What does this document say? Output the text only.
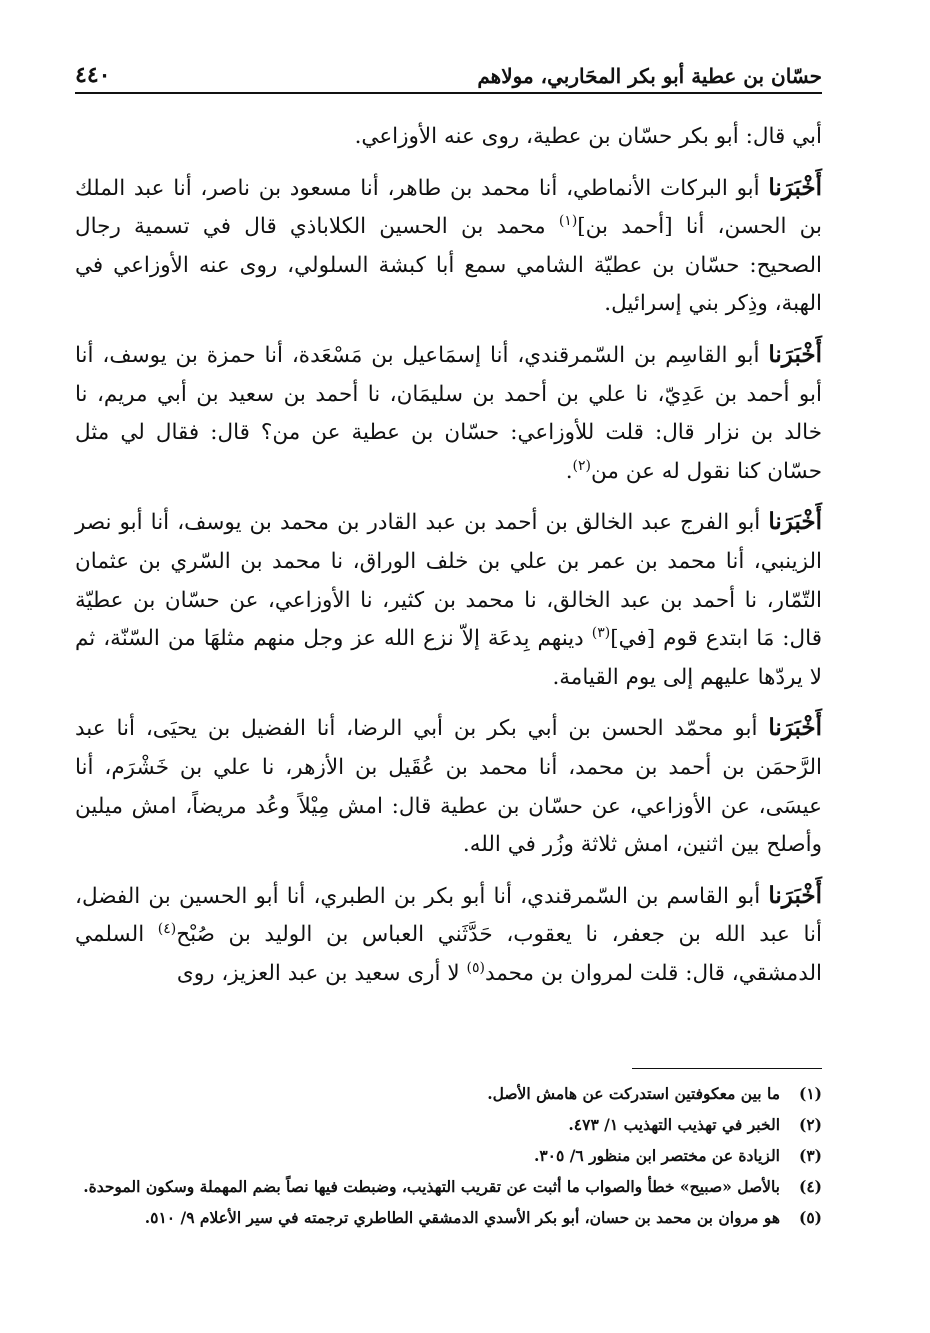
حسّان بن عطية أبو بكر المحَاربي، مولاهم
٤٤٠

أبي قال: أبو بكر حسّان بن عطية، روى عنه الأوزاعي.

أَخْبَرَنا أبو البركات الأنماطي، أنا محمد بن طاهر، أنا مسعود بن ناصر، أنا عبد الملك بن الحسن، أنا [أحمد بن]$^{(١)}$ محمد بن الحسين الكلاباذي قال في تسمية رجال الصحيح: حسّان بن عطيّة الشامي سمع أبا كبشة السلولي، روى عنه الأوزاعي في الهبة، وذِكر بني إسرائيل.

أَخْبَرَنا أبو القاسِم بن السّمرقندي، أنا إسمَاعيل بن مَسْعَدة، أنا حمزة بن يوسف، أنا أبو أحمد بن عَدِيّ، نا علي بن أحمد بن سليمَان، نا أحمد بن سعيد بن أبي مريم، نا خالد بن نزار قال: قلت للأوزاعي: حسّان بن عطية عن من؟ قال: فقال لي مثل حسّان كنا نقول له عن من$^{(٢)}$.

أَخْبَرَنا أبو الفرج عبد الخالق بن أحمد بن عبد القادر بن محمد بن يوسف، أنا أبو نصر الزينبي، أنا محمد بن عمر بن علي بن خلف الوراق، نا محمد بن السّري بن عثمان التّمّار، نا أحمد بن عبد الخالق، نا محمد بن كثير، نا الأوزاعي، عن حسّان بن عطيّة قال: مَا ابتدع قوم [في]$^{(٣)}$ دينهم بِدعَة إلاّ نزع الله عز وجل منهم مثلهَا من السّنّة، ثم لا يردّها عليهم إلى يوم القيامة.

أَخْبَرَنا أبو محمّد الحسن بن أبي بكر بن أبي الرضا، أنا الفضيل بن يحيَى، أنا عبد الرَّحمَن بن أحمد بن محمد، أنا محمد بن عُقَيل بن الأزهر، نا علي بن خَشْرَم، أنا عيسَى، عن الأوزاعي، عن حسّان بن عطية قال: امش مِيْلاً وعُد مريضاً، امش ميلين وأصلح بين اثنين، امش ثلاثة وزُر في الله.

أَخْبَرَنا أبو القاسم بن السّمرقندي، أنا أبو بكر بن الطبري، أنا أبو الحسين بن الفضل، أنا عبد الله بن جعفر، نا يعقوب، حَدَّثَني العباس بن الوليد بن صُبْح$^{(٤)}$ السلمي الدمشقي، قال: قلت لمروان بن محمد$^{(٥)}$ لا أرى سعيد بن عبد العزيز، روى

(١)
ما بين معكوفتين استدركت عن هامش الأصل.
(٢)
الخبر في تهذيب التهذيب ١/ ٤٧٣.
(٣)
الزيادة عن مختصر ابن منظور ٦/ ٣٠٥.
(٤)
بالأصل «صبيح» خطأ والصواب ما أثبت عن تقريب التهذيب، وضبطت فيها نصاً بضم المهملة وسكون الموحدة.
(٥)
هو مروان بن محمد بن حسان، أبو بكر الأسدي الدمشقي الطاطري ترجمته في سير الأعلام ٩/ ٥١٠.
